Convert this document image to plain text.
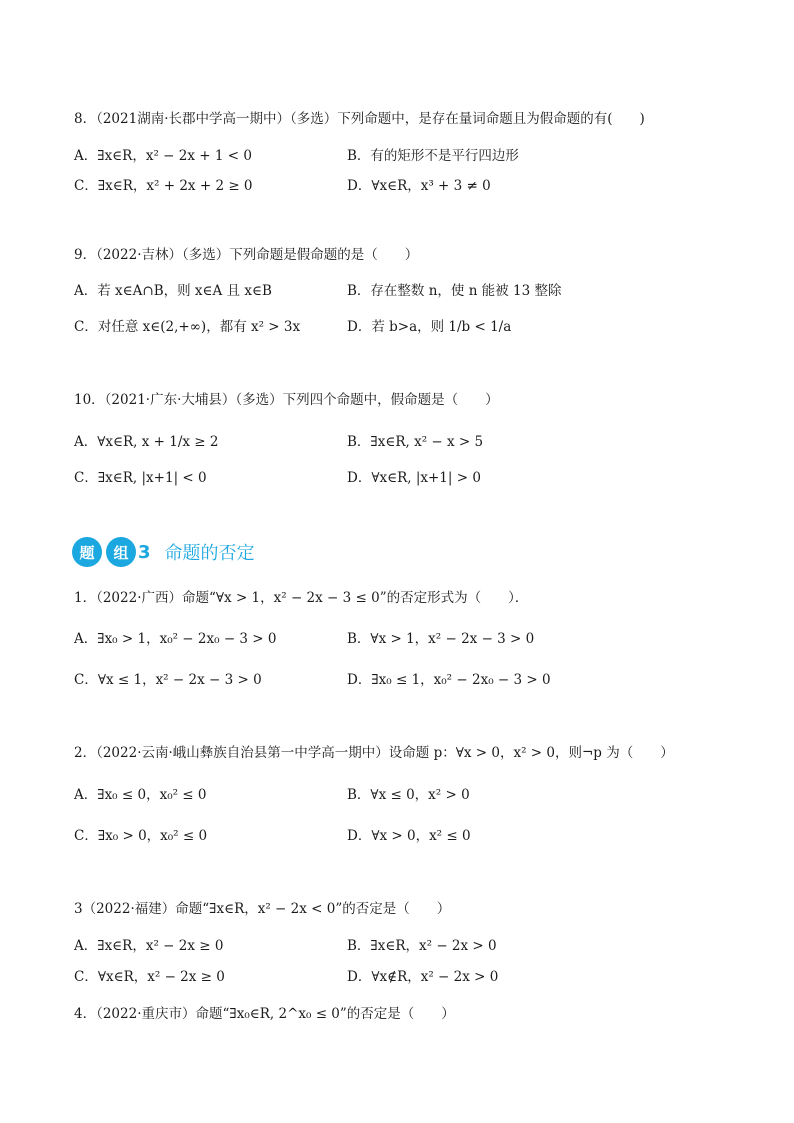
8．（2021湖南·长郡中学高一期中）（多选）下列命题中，是存在量词命题且为假命题的有(　　)
A．∃x∈R，x² − 2x + 1 < 0	B．有的矩形不是平行四边形
C．∃x∈R，x² + 2x + 2 ≥ 0	D．∀x∈R，x³ + 3 ≠ 0
9．（2022·吉林）（多选）下列命题是假命题的是（　　）
A．若 x∈A∩B，则 x∈A 且 x∈B	B．存在整数 n，使 n 能被 13 整除
C．对任意 x∈(2,+∞)，都有 x² > 3x	D．若 b>a，则 1/b < 1/a
10．（2021·广东·大埔县）（多选）下列四个命题中，假命题是（　　）
A．∀x∈R, x + 1/x ≥ 2	B．∃x∈R, x² − x > 5
C．∃x∈R, |x+1| < 0	D．∀x∈R, |x+1| > 0
题	组 3 命题的否定
1．（2022·广西）命题“∀x > 1，x² − 2x − 3 ≤ 0”的否定形式为（　　）．
A．∃x₀ > 1，x₀² − 2x₀ − 3 > 0	B．∀x > 1，x² − 2x − 3 > 0
C．∀x ≤ 1，x² − 2x − 3 > 0	D．∃x₀ ≤ 1，x₀² − 2x₀ − 3 > 0
2．（2022·云南·峨山彝族自治县第一中学高一期中）设命题 p：∀x > 0，x² > 0，则¬p 为（　　）
A．∃x₀ ≤ 0，x₀² ≤ 0	B．∀x ≤ 0，x² > 0
C．∃x₀ > 0，x₀² ≤ 0	D．∀x > 0，x² ≤ 0
3（2022·福建）命题“∃x∈R，x² − 2x < 0”的否定是（　　）
A．∃x∈R，x² − 2x ≥ 0	B．∃x∈R，x² − 2x > 0
C．∀x∈R，x² − 2x ≥ 0	D．∀x∉R，x² − 2x > 0
4．（2022·重庆市）命题“∃x₀∈R, 2^x₀ ≤ 0”的否定是（　　）
